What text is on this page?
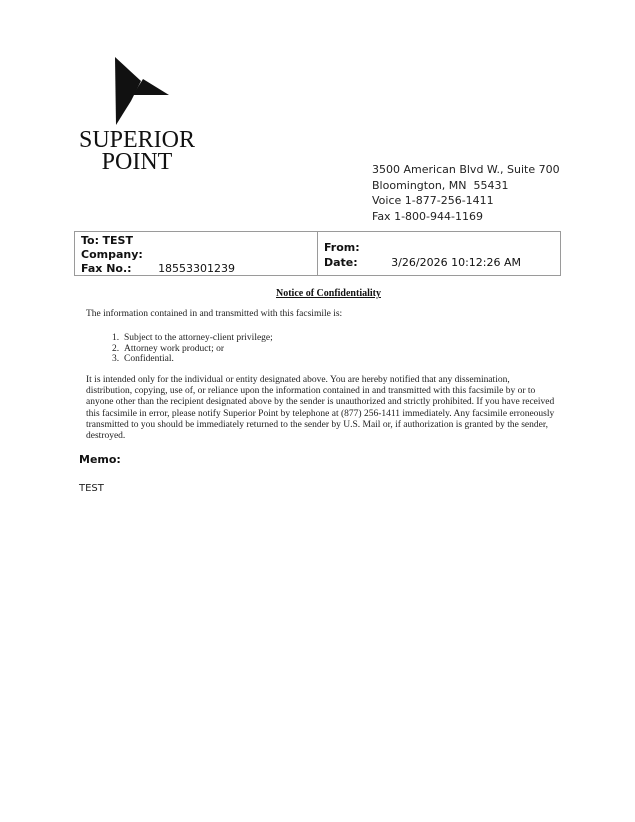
SUPERIOR
POINT	3500 American Blvd W., Suite 700
Bloomington, MN  55431
Voice 1-877-256-1411
Fax 1-800-944-1169
To: TEST
Company:
Fax No.: 18553301239
From:
Date:	3/26/2026 10:12:26 AM
Notice of Confidentiality
The information contained in and transmitted with this facsimile is:
1. Subject to the attorney-client privilege;
2. Attorney work product; or
3. Confidential.
It is intended only for the individual or entity designated above. You are hereby notified that any dissemination, distribution, copying, use of, or reliance upon the information contained in and transmitted with this facsimile by or to anyone other than the recipient designated above by the sender is unauthorized and strictly prohibited. If you have received this facsimile in error, please notify Superior Point by telephone at (877) 256-1411 immediately. Any facsimile erroneously transmitted to you should be immediately returned to the sender by U.S. Mail or, if authorization is granted by the sender, destroyed.
Memo:
TEST
